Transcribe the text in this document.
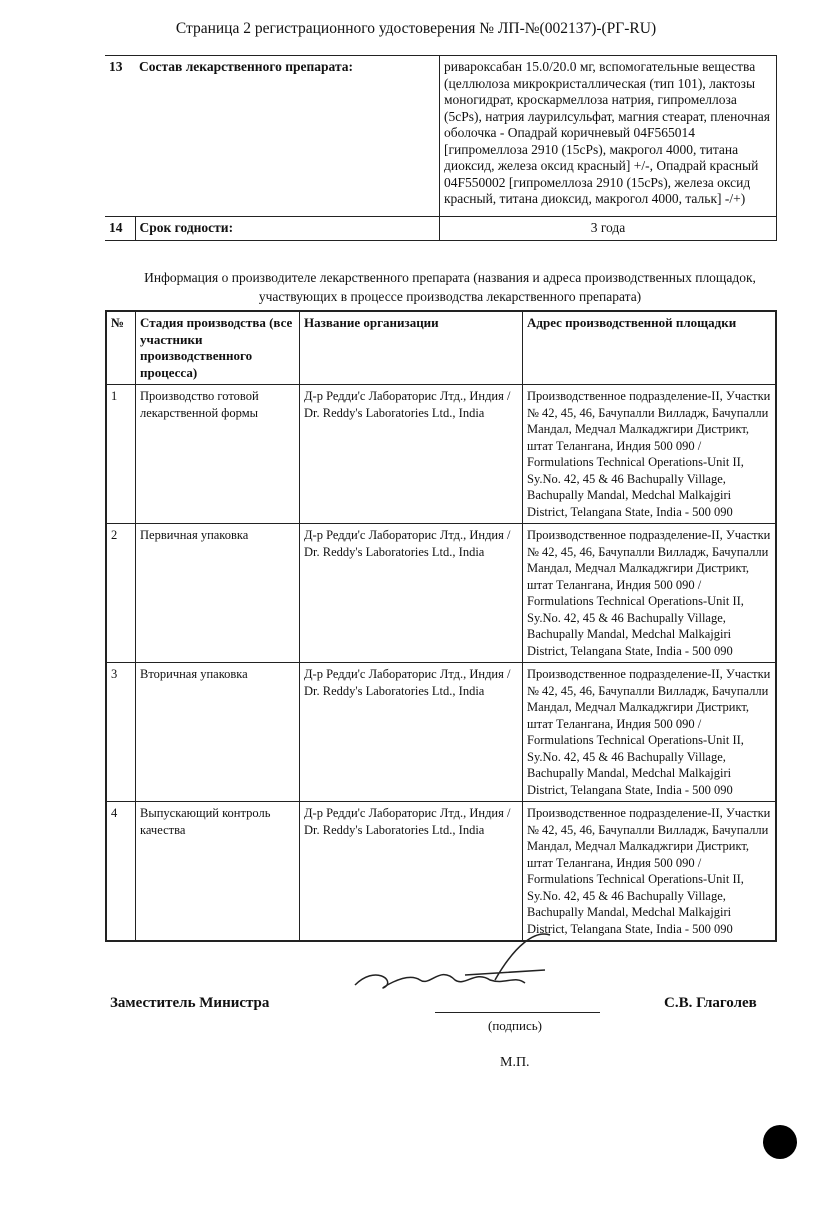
Страница 2 регистрационного удостоверения № ЛП-№(002137)-(РГ-RU)
13	Состав лекарственного препарата:	ривароксабан 15.0/20.0 мг, вспомогательные вещества (целлюлоза микрокристаллическая (тип 101), лактозы моногидрат, кроскармеллоза натрия, гипромеллоза (5cPs), натрия лаурилсульфат, магния стеарат, пленочная оболочка - Опадрай коричневый 04F565014 [гипромеллоза 2910 (15cPs), макрогол 4000, титана диоксид, железа оксид красный] +/-, Опадрай красный 04F550002 [гипромеллоза 2910 (15cPs), железа оксид красный, титана диоксид, макрогол 4000, тальк] -/+)
14	Срок годности:	3 года
Информация о производителе лекарственного препарата (названия и адреса производственных площадок, участвующих в процессе производства лекарственного препарата)
№	Стадия производства (все участники производственного процесса)	Название организации	Адрес производственной площадки
1	Производство готовой лекарственной формы	Д-р Редди'с Лабораторис Лтд., Индия / Dr. Reddy's Laboratories Ltd., India	Производственное подразделение-II, Участки № 42, 45, 46, Бачупалли Вилладж, Бачупалли Мандал, Медчал Малкаджгири Дистрикт, штат Телангана, Индия 500 090 / Formulations Technical Operations-Unit II, Sy.No. 42, 45 & 46 Bachupally Village, Bachupally Mandal, Medchal Malkajgiri District, Telangana State, India - 500 090
2	Первичная упаковка	Д-р Редди'с Лабораторис Лтд., Индия / Dr. Reddy's Laboratories Ltd., India	Производственное подразделение-II, Участки № 42, 45, 46, Бачупалли Вилладж, Бачупалли Мандал, Медчал Малкаджгири Дистрикт, штат Телангана, Индия 500 090 / Formulations Technical Operations-Unit II, Sy.No. 42, 45 & 46 Bachupally Village, Bachupally Mandal, Medchal Malkajgiri District, Telangana State, India - 500 090
3	Вторичная упаковка	Д-р Редди'с Лабораторис Лтд., Индия / Dr. Reddy's Laboratories Ltd., India	Производственное подразделение-II, Участки № 42, 45, 46, Бачупалли Вилладж, Бачупалли Мандал, Медчал Малкаджгири Дистрикт, штат Телангана, Индия 500 090 / Formulations Technical Operations-Unit II, Sy.No. 42, 45 & 46 Bachupally Village, Bachupally Mandal, Medchal Malkajgiri District, Telangana State, India - 500 090
4	Выпускающий контроль качества	Д-р Редди'с Лабораторис Лтд., Индия / Dr. Reddy's Laboratories Ltd., India	Производственное подразделение-II, Участки № 42, 45, 46, Бачупалли Вилладж, Бачупалли Мандал, Медчал Малкаджгири Дистрикт, штат Телангана, Индия 500 090 / Formulations Technical Operations-Unit II, Sy.No. 42, 45 & 46 Bachupally Village, Bachupally Mandal, Medchal Malkajgiri District, Telangana State, India - 500 090
Заместитель Министра
(подпись)
С.В. Глаголев
М.П.
